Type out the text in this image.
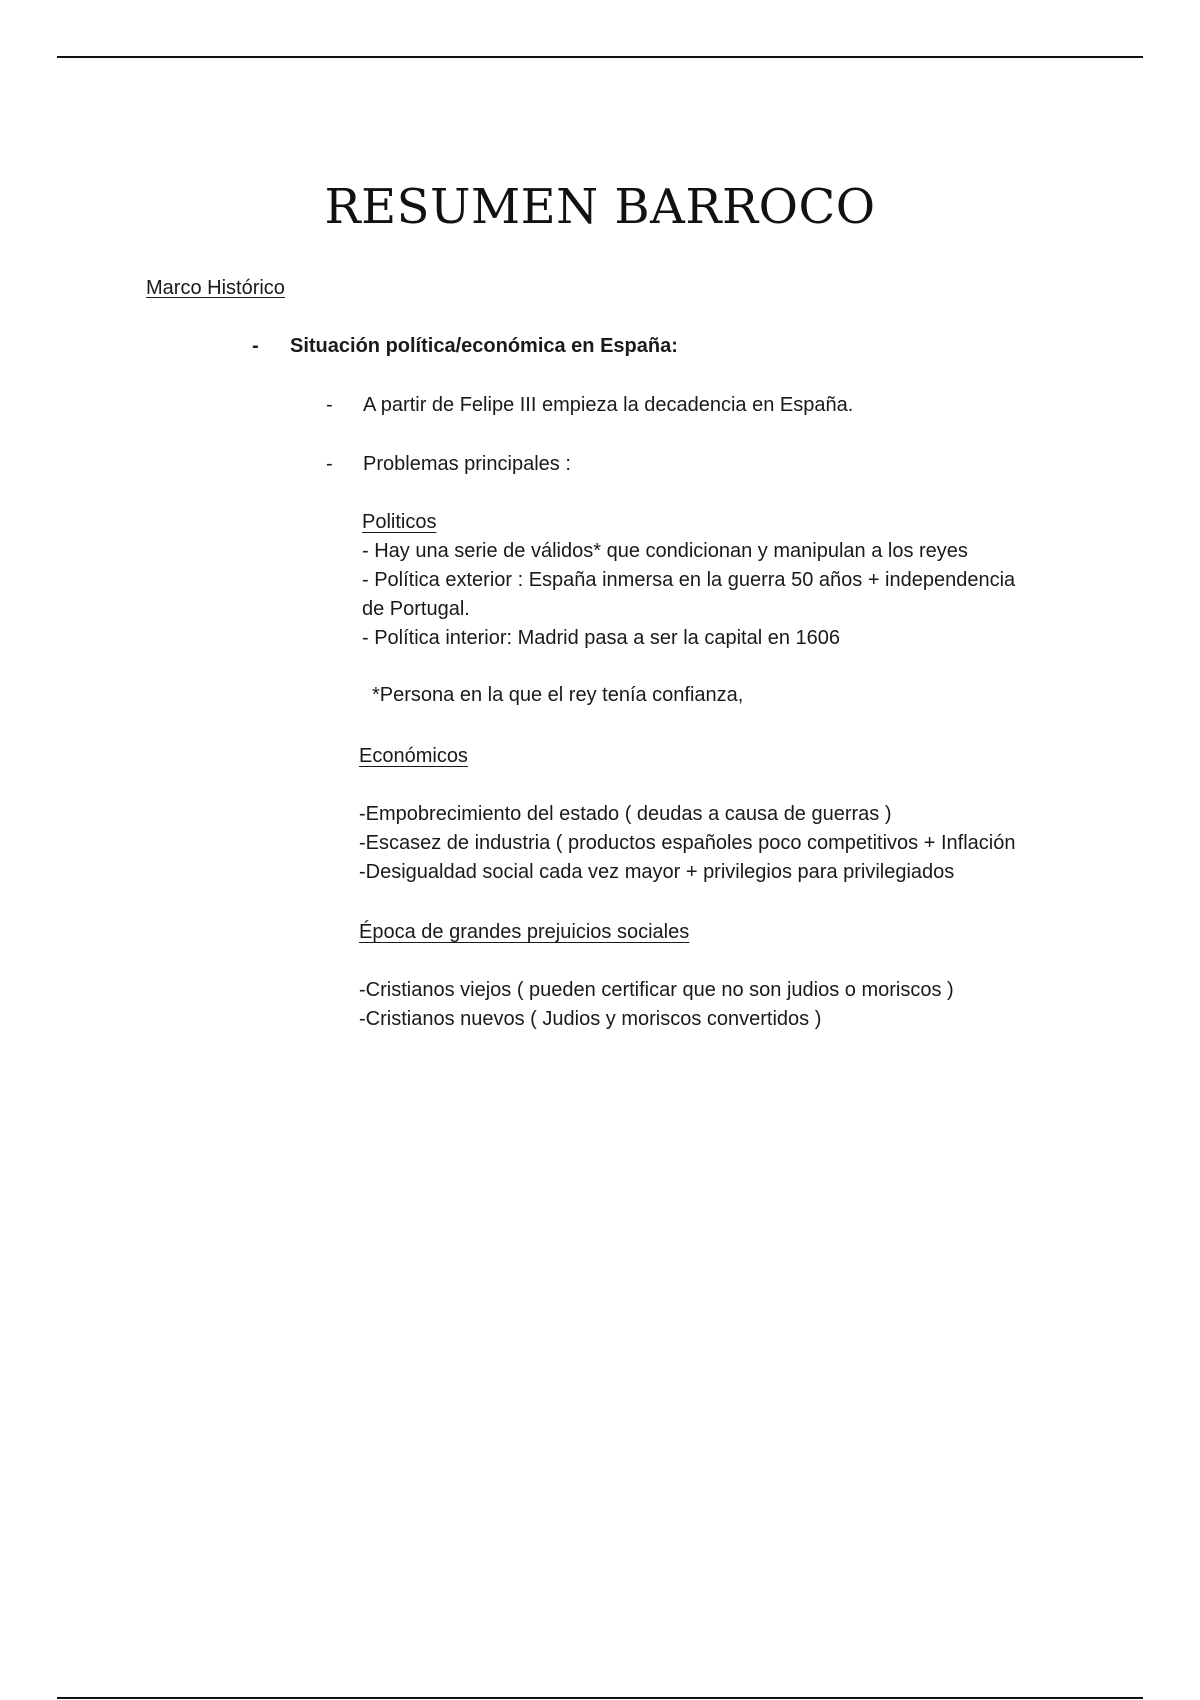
RESUMEN BARROCO
Marco Histórico
- Situación política/económica en España:
- A partir de Felipe III empieza la decadencia en España.
- Problemas principales :
Politicos
- Hay una serie de válidos* que condicionan y manipulan a los reyes
- Política exterior : España inmersa en la guerra 50 años + independencia
de Portugal.
- Política interior: Madrid pasa a ser la capital en 1606
*Persona en la que el rey tenía confianza,
Económicos
-Empobrecimiento del estado ( deudas a causa de guerras )
-Escasez de industria ( productos españoles poco competitivos + Inflación
-Desigualdad social cada vez mayor + privilegios para privilegiados
Época de grandes prejuicios sociales
-Cristianos viejos ( pueden certificar que no son judios o moriscos )
-Cristianos nuevos ( Judios y moriscos convertidos )
